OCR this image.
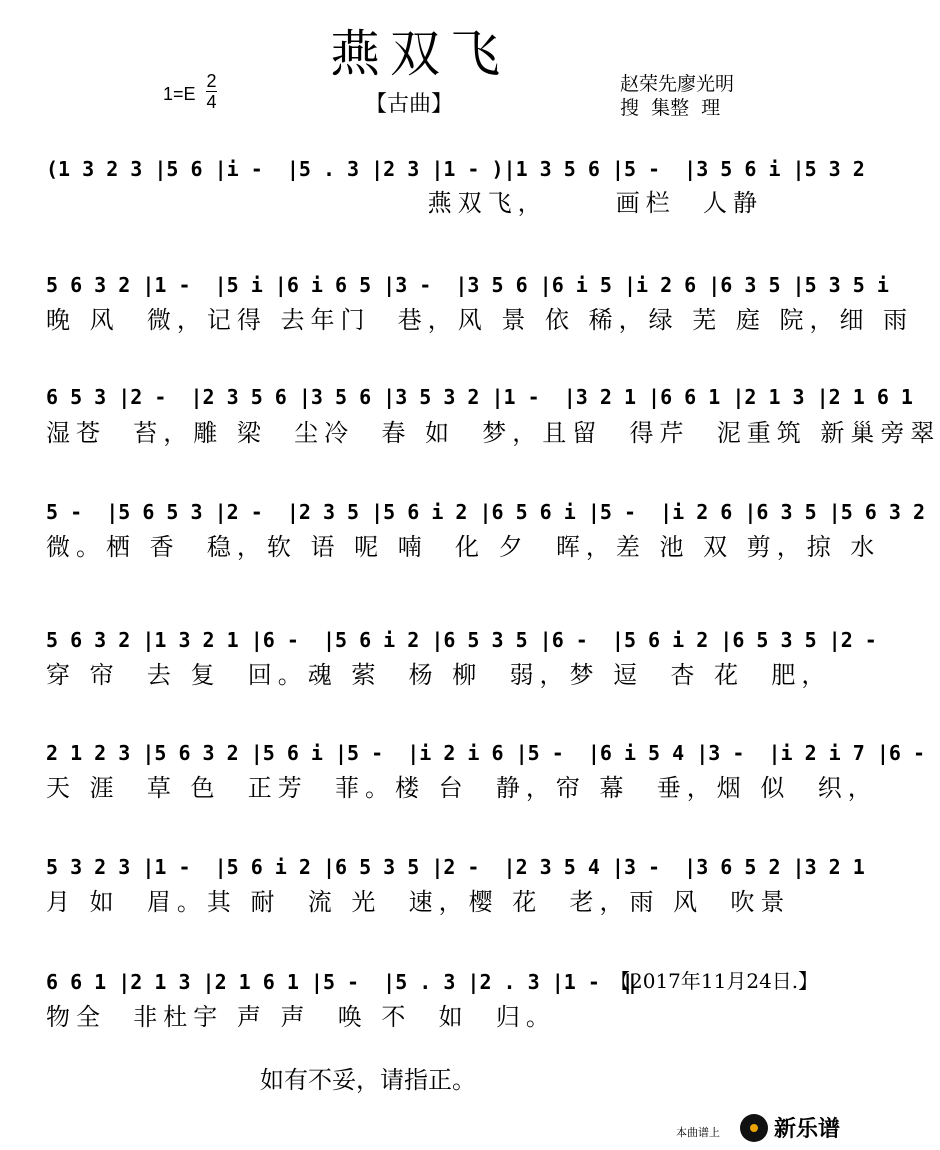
燕双飞
1=E
2
4	【古曲】
赵荣先廖光明
搜  集整  理
(1 3 2 3 |5 6 |i -  |5 . 3 |2 3 |1 - )|1 3 5 6 |5 -  |3 5 6 i |5 3 2
燕双飞，     画栏  人静
5 6 3 2 |1 -  |5 i |6 i 6 5 |3 -  |3 5 6 |6 i 5 |i 2 6 |6 3 5 |5 3 5 i
晚 风  微，记得 去年门  巷，风 景 依 稀，绿 芜 庭 院，细 雨
6 5 3 |2 -  |2 3 5 6 |3 5 6 |3 5 3 2 |1 -  |3 2 1 |6 6 1 |2 1 3 |2 1 6 1
湿苍  苔，雕 梁  尘冷  春 如  梦，且留  得芹  泥重筑 新巢旁翠
5 -  |5 6 5 3 |2 -  |2 3 5 |5 6 i 2 |6 5 6 i |5 -  |i 2 6 |6 3 5 |5 6 3 2
微。栖 香  稳，软 语 呢 喃  化 夕  晖，差 池 双 剪，掠 水
5 6 3 2 |1 3 2 1 |6 -  |5 6 i 2 |6 5 3 5 |6 -  |5 6 i 2 |6 5 3 5 |2 -
穿 帘  去 复  回。魂 萦  杨 柳  弱，梦 逗  杏 花  肥，
2 1 2 3 |5 6 3 2 |5 6 i |5 -  |i 2 i 6 |5 -  |6 i 5 4 |3 -  |i 2 i 7 |6 -
天 涯  草 色  正芳  菲。楼 台  静，帘 幕  垂，烟 似  织，
5 3 2 3 |1 -  |5 6 i 2 |6 5 3 5 |2 -  |2 3 5 4 |3 -  |3 6 5 2 |3 2 1
月 如  眉。其 耐  流 光  速，樱 花  老，雨 风  吹景
6 6 1 |2 1 3 |2 1 6 1 |5 -  |5 . 3 |2 . 3 |1 -  ‖
物全  非杜宇 声 声  唤 不  如  归。
【2017年11月24日.】
如有不妥，请指正。
本曲谱上 新乐谱
